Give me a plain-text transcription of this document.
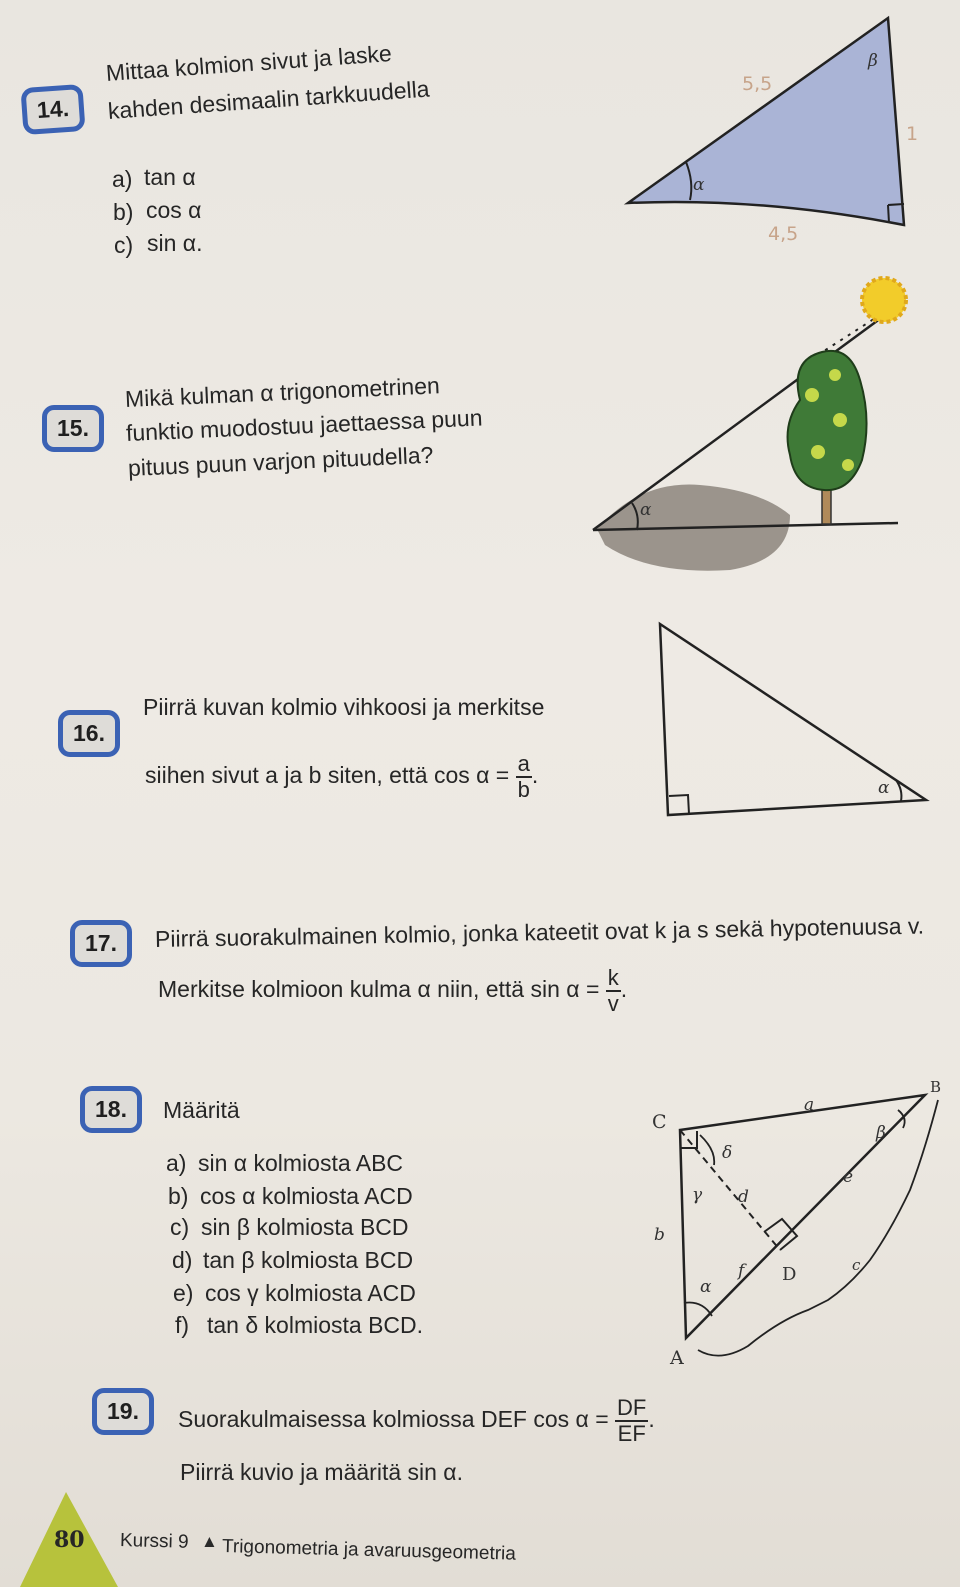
14.
Mittaa kolmion sivut ja laske
kahden desimaalin tarkkuudella
a) tan α
b) cos α
c) sin α.
α
β
5,5
1
4,5
15.
Mikä kulman α trigonometrinen
funktio muodostuu jaettaessa puun
pituus puun varjon pituudella?
α
16.
Piirrä kuvan kolmio vihkoosi ja merkitse
siihen sivut a ja b siten, että $\cos \alpha = \frac{a}{b}$ .	α
17.	Piirrä suorakulmainen kolmio, jonka kateetit ovat k ja s sekä hypotenuusa v.
Merkitse kolmioon kulma α niin, että $\sin \alpha = \frac{k}{v}$ .
18.	Määritä
a) sin α kolmiosta ABC
b) cos α kolmiosta ACD
c) sin β kolmiosta BCD
d) tan β kolmiosta BCD
e) cos γ kolmiosta ACD
f) tan δ kolmiosta BCD.
C
B
A
D
a
b
c
d
e
f
α
β
γ
δ
19.	Suorakulmaisessa kolmiossa DEF $\cos \alpha = \frac{DF}{EF}$ .
Piirrä kuvio ja määritä sin α.
80 Kurssi 9 ▲ Trigonometria ja avaruusgeometria
